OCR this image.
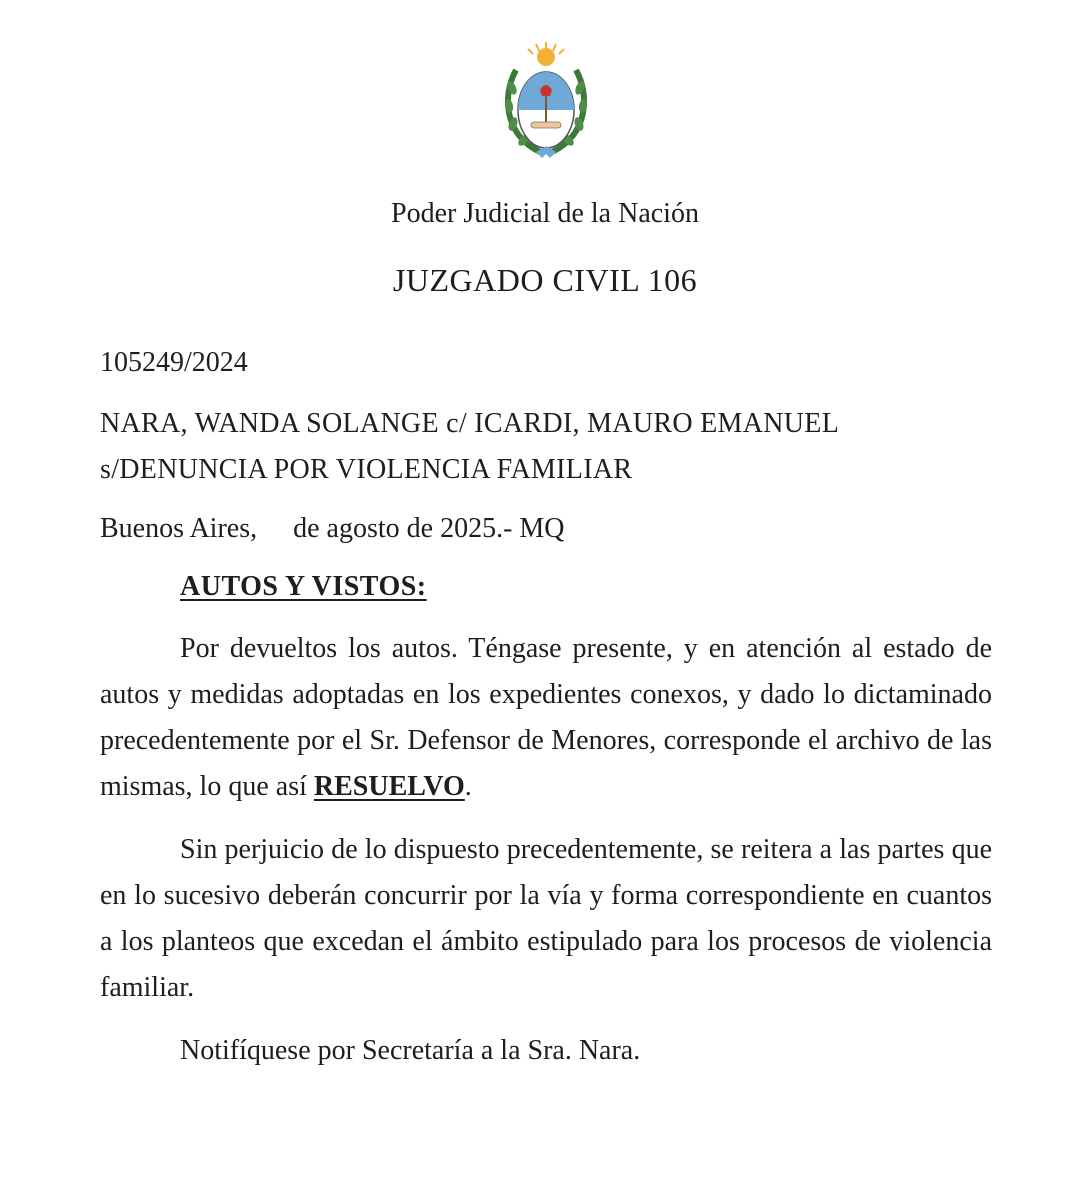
Poder Judicial de la Nación
JUZGADO CIVIL 106
105249/2024
NARA, WANDA SOLANGE c/ ICARDI, MAURO EMANUEL
s/DENUNCIA POR VIOLENCIA FAMILIAR
Buenos Aires, de agosto de 2025.- MQ
AUTOS Y VISTOS:

Por devueltos los autos. Téngase presente, y en atención al estado de autos y medidas adoptadas en los expedientes conexos, y dado lo dictaminado precedentemente por el Sr. Defensor de Menores, corresponde el archivo de las mismas, lo que así RESUELVO.

Sin perjuicio de lo dispuesto precedentemente, se reitera a las partes que en lo sucesivo deberán concurrir por la vía y forma correspondiente en cuantos a los planteos que excedan el ámbito estipulado para los procesos de violencia familiar.

Notifíquese por Secretaría a la Sra. Nara.
